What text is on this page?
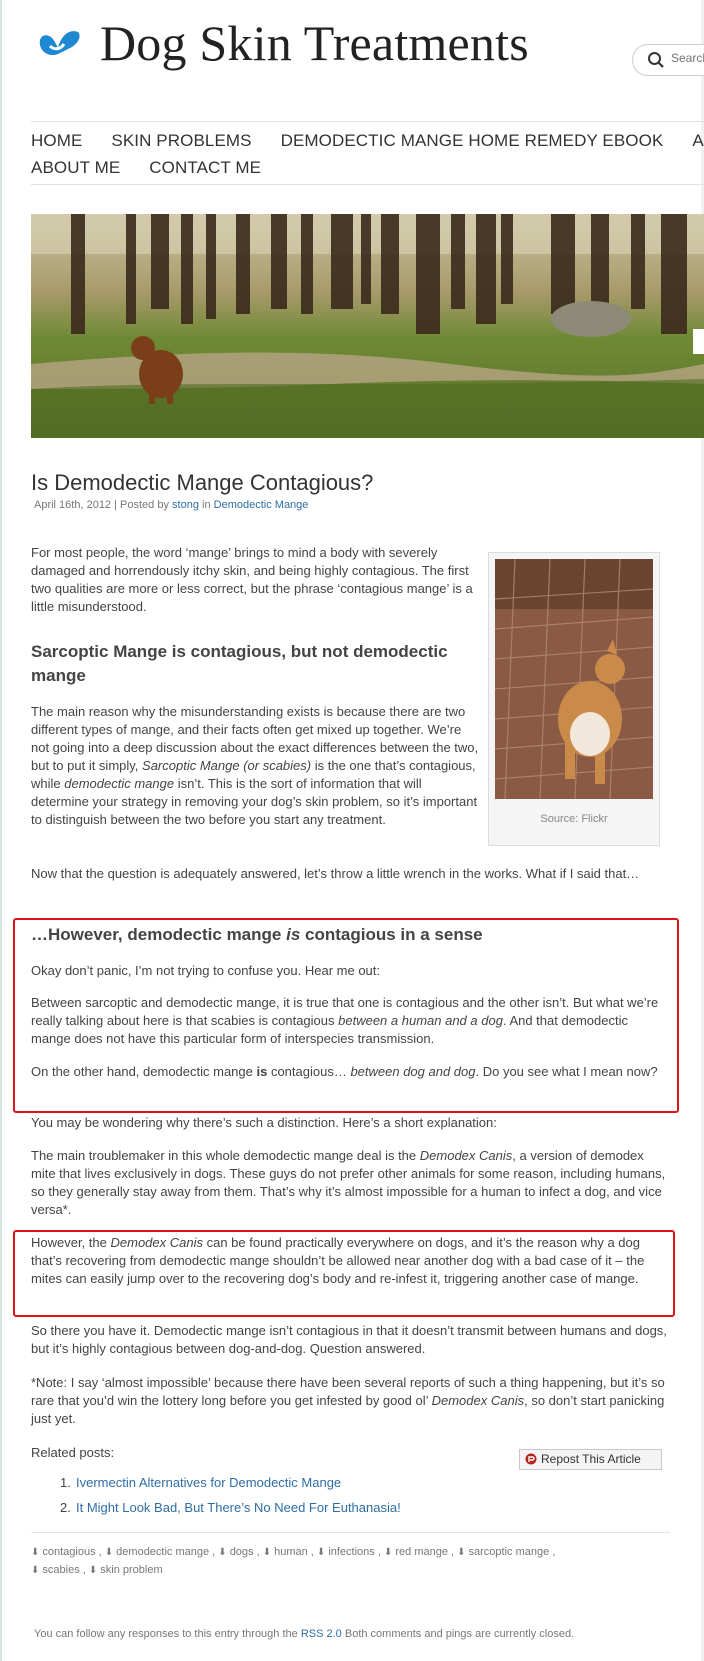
Dog Skin Treatments
Search
HOME SKIN PROBLEMS DEMODECTIC MANGE HOME REMEDY EBOOK A
ABOUT ME CONTACT ME
Is Demodectic Mange Contagious?
April 16th, 2012 | Posted by stong in Demodectic Mange
Source: Flickr

For most people, the word ‘mange’ brings to mind a body with severely damaged and horrendously itchy skin, and being highly contagious. The first two qualities are more or less correct, but the phrase ‘contagious mange’ is a little misunderstood.

Sarcoptic Mange is contagious, but not demodectic mange

The main reason why the misunderstanding exists is because there are two different types of mange, and their facts often get mixed up together. We’re not going into a deep discussion about the exact differences between the two, but to put it simply, Sarcoptic Mange (or scabies) is the one that’s contagious, while demodectic mange isn’t. This is the sort of information that will determine your strategy in removing your dog’s skin problem, so it’s important to distinguish between the two before you start any treatment.

Now that the question is adequately answered, let’s throw a little wrench in the works. What if I said that…

…However, demodectic mange is contagious in a sense

Okay don’t panic, I’m not trying to confuse you. Hear me out:

Between sarcoptic and demodectic mange, it is true that one is contagious and the other isn’t. But what we’re really talking about here is that scabies is contagious between a human and a dog. And that demodectic mange does not have this particular form of interspecies transmission.

On the other hand, demodectic mange is contagious… between dog and dog. Do you see what I mean now?

You may be wondering why there’s such a distinction. Here’s a short explanation:

The main troublemaker in this whole demodectic mange deal is the Demodex Canis, a version of demodex mite that lives exclusively in dogs. These guys do not prefer other animals for some reason, including humans, so they generally stay away from them. That’s why it’s almost impossible for a human to infect a dog, and vice versa*.

However, the Demodex Canis can be found practically everywhere on dogs, and it’s the reason why a dog that’s recovering from demodectic mange shouldn’t be allowed near another dog with a bad case of it – the mites can easily jump over to the recovering dog’s body and re-infest it, triggering another case of mange.

So there you have it. Demodectic mange isn’t contagious in that it doesn’t transmit between humans and dogs, but it’s highly contagious between dog-and-dog. Question answered.

*Note: I say ‘almost impossible’ because there have been several reports of such a thing happening, but it’s so rare that you’d win the lottery long before you get infested by good ol’ Demodex Canis, so don’t start panicking just yet.

Related posts:

1. Ivermectin Alternatives for Demodectic Mange
2. It Might Look Bad, But There’s No Need For Euthanasia!
Repost This Article
⬇ contagious , ⬇ demodectic mange , ⬇ dogs , ⬇ human , ⬇ infections , ⬇ red mange , ⬇ sarcoptic mange ,
⬇ scabies , ⬇ skin problem
You can follow any responses to this entry through the RSS 2.0 Both comments and pings are currently closed.
